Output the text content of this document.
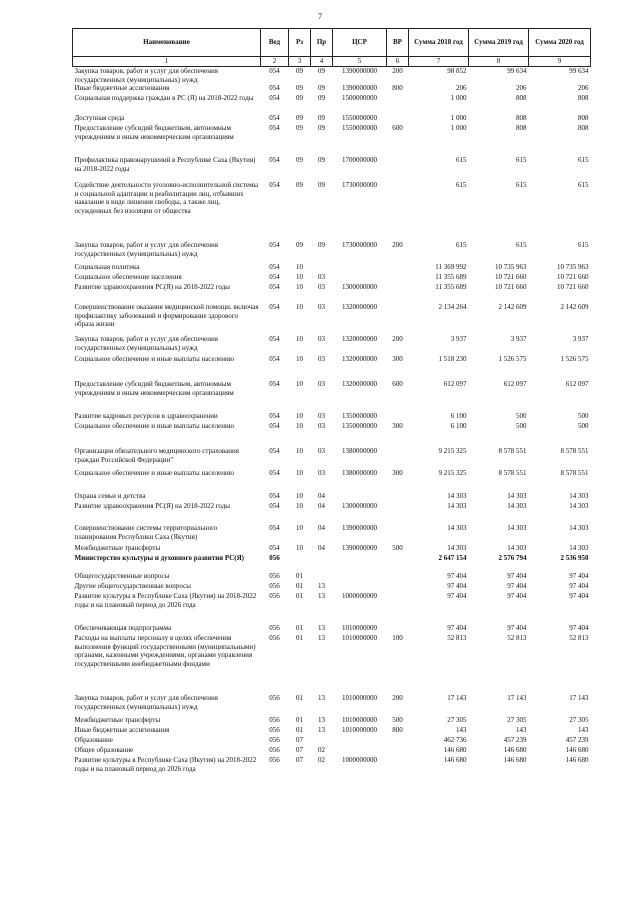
7
Наименование	Вед	Рз	Пр	ЦСР	ВР	Сумма 2018 год	Сумма 2019 год	Сумма 2020 год
1	2	3	4	5	6	7	8	9
Закупка товаров, работ и услуг для обеспечения государственных (муниципальных) нужд	054	09	09	1390000000	200	98 852	99 634	99 634
Иные бюджетные ассигнования	054	09	09	1390000000	800	206	206	206
Социальная поддержка граждан в РС (Я) на 2018-2022 годы	054	09	09	1500000000		1 000	808	808
Доступная среда	054	09	09	1550000000		1 000	808	808
Предоставление субсидий бюджетным, автономным учреждениям и иным некоммерческим организациям	054	09	09	1550000000	600	1 000	808	808
Профилактика правонарушений в Республике Саха (Якутия) на 2018-2022 годы	054	09	09	1700000000		615	615	615
Содействие деятельности уголовно-исполнительной системы и социальной адаптации и реабилитации лиц, отбывших наказание в виде лишения свободы, а также лиц, осужденных без изоляции от общества	054	09	09	1730000000		615	615	615
Закупка товаров, работ и услуг для обеспечения государственных (муниципальных) нужд	054	09	09	1730000000	200	615	615	615
Социальная политика	054	10				11 369 992	10 735 963	10 735 963
Социальное обеспечение населения	054	10	03			11 355 689	10 721 660	10 721 660
Развитие здравоохранения РС(Я) на 2018-2022 годы	054	10	03	1300000000		11 355 689	10 721 660	10 721 660
Совершенствование оказания медицинской помощи, включая профилактику заболеваний и формирование здорового образа жизни	054	10	03	1320000000		2 134 264	2 142 609	2 142 609
Закупка товаров, работ и услуг для обеспечения государственных (муниципальных) нужд	054	10	03	1320000000	200	3 937	3 937	3 937
Социальное обеспечение и иные выплаты населению	054	10	03	1320000000	300	1 518 230	1 526 575	1 526 575
Предоставление субсидий бюджетным, автономным учреждениям и иным некоммерческим организациям	054	10	03	1320000000	600	612 097	612 097	612 097
Развитие кадровых ресурсов в здравоохранении	054	10	03	1350000000		6 100	500	500
Социальное обеспечение и иные выплаты населению	054	10	03	1350000000	300	6 100	500	500
Организация обязательного медицинского страхования граждан Российской Федерации"	054	10	03	1380000000		9 215 325	8 578 551	8 578 551
Социальное обеспечение и иные выплаты населению	054	10	03	1380000000	300	9 215 325	8 578 551	8 578 551
Охрана семьи и детства	054	10	04			14 303	14 303	14 303
Развитие здравоохранения РС(Я) на 2018-2022 годы	054	10	04	1300000000		14 303	14 303	14 303
Совершенствование системы территориального планирования Республики Саха (Якутия)	054	10	04	1390000000		14 303	14 303	14 303
Межбюджетные трансферты	054	10	04	1390000000	500	14 303	14 303	14 303
Министерство культуры и духовного развития РС(Я)	056					2 647 154	2 576 794	2 536 950
Общегосударственные вопросы	056	01				97 404	97 404	97 404
Другие общегосударственные вопросы	056	01	13			97 404	97 404	97 404
Развитие культуры в Республике Саха (Якутия) на 2018-2022 годы и на плановый период до 2026 года	056	01	13	1000000000		97 404	97 404	97 404
Обеспечивающая подпрограмма	056	01	13	1010000000		97 404	97 404	97 404
Расходы на выплаты персоналу в целях обеспечения выполнения функций государственными (муниципальными) органами, казенными учреждениями, органами управления государственными внебюджетными фондами	056	01	13	1010000000	100	52 813	52 813	52 813
Закупка товаров, работ и услуг для обеспечения государственных (муниципальных) нужд	056	01	13	1010000000	200	17 143	17 143	17 143
Межбюджетные трансферты	056	01	13	1010000000	500	27 305	27 305	27 305
Иные бюджетные ассигнования	056	01	13	1010000000	800	143	143	143
Образование	056	07				462 736	457 239	457 239
Общее образование	056	07	02			146 680	146 680	146 680
Развитие культуры в Республике Саха (Якутия) на 2018-2022 годы и на плановый период до 2026 года	056	07	02	1000000000		146 680	146 680	146 680
